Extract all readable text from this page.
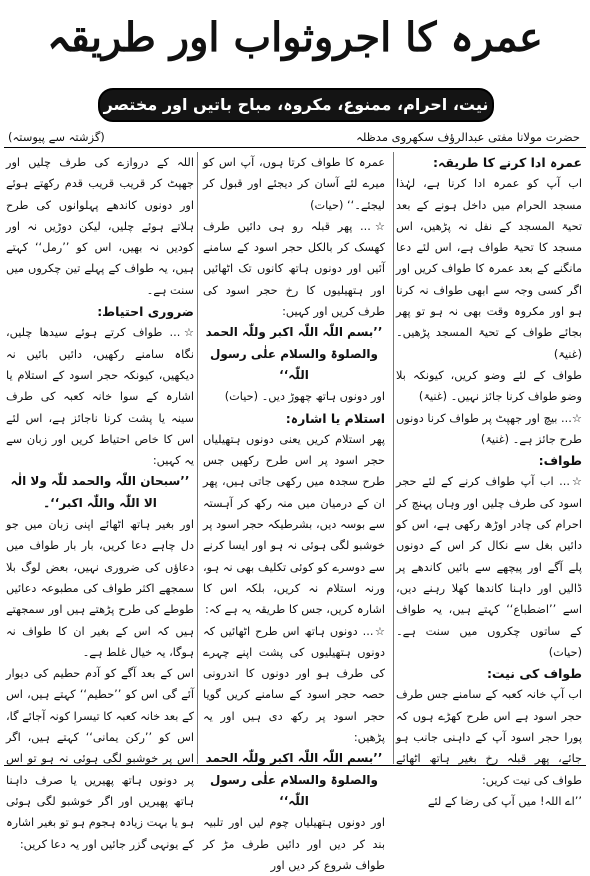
عمرہ کا اجروثواب اور طریقہ
نیت، احرام، ممنوع، مکروہ، مباح باتیں اور مختصر معمولات	حضرت مولانا مفتی عبدالرؤف سکھروی مدظلہ
(گزشتہ سے پیوستہ)

عمرہ ادا کرنے کا طریقہ:

اب آپ کو عمرہ ادا کرنا ہے، لہٰذا مسجد الحرام میں داخل ہونے کے بعد تحیۃ المسجد کے نفل نہ پڑھیں، اس مسجد کا تحیۃ طواف ہے، اس لئے دعا مانگنے کے بعد عمرہ کا طواف کریں اور اگر کسی وجہ سے ابھی طواف نہ کرنا ہو اور مکروہ وقت بھی نہ ہو تو پھر بجائے طواف کے تحیۃ المسجد پڑھیں۔ (غنیۃ)

طواف کے لئے وضو کریں، کیونکہ بلا وضو طواف کرنا جائز نہیں۔ (غنیۃ)

☆... بیچ اور جھپٹ پر طواف کرنا دونوں طرح جائز ہے۔ (غنیۃ)

طواف:

☆... اب آپ طواف کرنے کے لئے حجر اسود کی طرف چلیں اور وہاں پہنچ کر احرام کی چادر اوڑھ رکھی ہے، اس کو دائیں بغل سے نکال کر اس کے دونوں پلے آگے اور پیچھے سے بائیں کاندھے پر ڈالیں اور داہنا کاندھا کھلا رہنے دیں، اسے ’’اضطباع‘‘ کہتے ہیں، یہ طواف کے ساتوں چکروں میں سنت ہے۔ (حیات)

طواف کی نیت:

اب آپ خانہ کعبہ کے سامنے جس طرف حجر اسود ہے اس طرح کھڑے ہوں کہ پورا حجر اسود آپ کے داہنی جانب ہو جائے، پھر قبلہ رخ بغیر ہاتھ اٹھائے طواف کی نیت کریں:

’’اے اللہ! میں آپ کی رضا کے لئے

عمرہ کا طواف کرتا ہوں، آپ اس کو میرے لئے آسان کر دیجئے اور قبول کر لیجئے۔‘‘ (حیات)

☆... پھر قبلہ رو ہی دائیں طرف کھسک کر بالکل حجر اسود کے سامنے آئیں اور دونوں ہاتھ کانوں تک اٹھائیں اور ہتھیلیوں کا رخ حجر اسود کی طرف کریں اور کہیں:

’’بسم اللّٰہ اللّٰہ اکبر وللّٰہ الحمد

والصلوۃ والسلام علٰی رسول اللّٰہ‘‘

اور دونوں ہاتھ چھوڑ دیں۔ (حیات)

استلام یا اشارہ:

پھر استلام کریں یعنی دونوں ہتھیلیاں حجر اسود پر اس طرح رکھیں جس طرح سجدہ میں رکھی جاتی ہیں، پھر ان کے درمیان میں منہ رکھ کر آہستہ سے بوسہ دیں، بشرطیکہ حجر اسود پر خوشبو لگی ہوئی نہ ہو اور ایسا کرنے سے دوسرے کو کوئی تکلیف بھی نہ ہو، ورنہ استلام نہ کریں، بلکہ اس کا اشارہ کریں، جس کا طریقہ یہ ہے کہ:

☆... دونوں ہاتھ اس طرح اٹھائیں کہ دونوں ہتھیلیوں کی پشت اپنے چہرے کی طرف ہو اور دونوں کا اندرونی حصہ حجر اسود کے سامنے کریں گویا حجر اسود پر رکھ دی ہیں اور یہ پڑھیں:

’’بسم اللّٰہ اللّٰہ اکبر وللّٰہ الحمد

والصلوۃ والسلام علٰی رسول اللّٰہ‘‘

اور دونوں ہتھیلیاں چوم لیں اور تلبیہ بند کر دیں اور دائیں طرف مڑ کر طواف شروع کر دیں اور

اللہ کے دروازے کی طرف چلیں اور جھپٹ کر قریب قریب قدم رکھتے ہوئے اور دونوں کاندھے پہلوانوں کی طرح ہلاتے ہوئے چلیں، لیکن دوڑیں نہ اور کودیں نہ بھیں، اس کو ’’رمل‘‘ کہتے ہیں، یہ طواف کے پہلے تین چکروں میں سنت ہے۔

ضروری احتیاط:

☆... طواف کرتے ہوئے سیدھا چلیں، نگاہ سامنے رکھیں، دائیں بائیں نہ دیکھیں، کیونکہ حجر اسود کے استلام یا اشارہ کے سوا خانہ کعبہ کی طرف سینہ یا پشت کرنا ناجائز ہے، اس لئے اس کا خاص احتیاط کریں اور زبان سے یہ کہیں:

’’سبحان اللّٰہ والحمد للّٰہ ولا الٰہ

الا اللّٰہ واللّٰہ اکبر‘‘۔

اور بغیر ہاتھ اٹھائے اپنی زبان میں جو دل چاہے دعا کریں، بار بار طواف میں دعاؤں کی ضروری نہیں، بعض لوگ بلا سمجھے اکثر طواف کی مطبوعہ دعائیں طوطے کی طرح پڑھتے ہیں اور سمجھتے ہیں کہ اس کے بغیر ان کا طواف نہ ہوگا، یہ خیال غلط ہے۔

اس کے بعد آگے کو آدم حطیم کی دیوار آئے گی اس کو ’’حطیم‘‘ کہتے ہیں، اس کے بعد خانہ کعبہ کا تیسرا کونہ آجائے گا، اس کو ’’رکن یمانی‘‘ کہتے ہیں، اگر اس پر خوشبو لگی ہوئی نہ ہو تو اس پر دونوں ہاتھ پھیریں یا صرف داہنا ہاتھ پھیریں اور اگر خوشبو لگی ہوئی ہو یا بہت زیادہ ہجوم ہو تو بغیر اشارہ کے یونہی گزر جائیں اور یہ دعا کریں:
